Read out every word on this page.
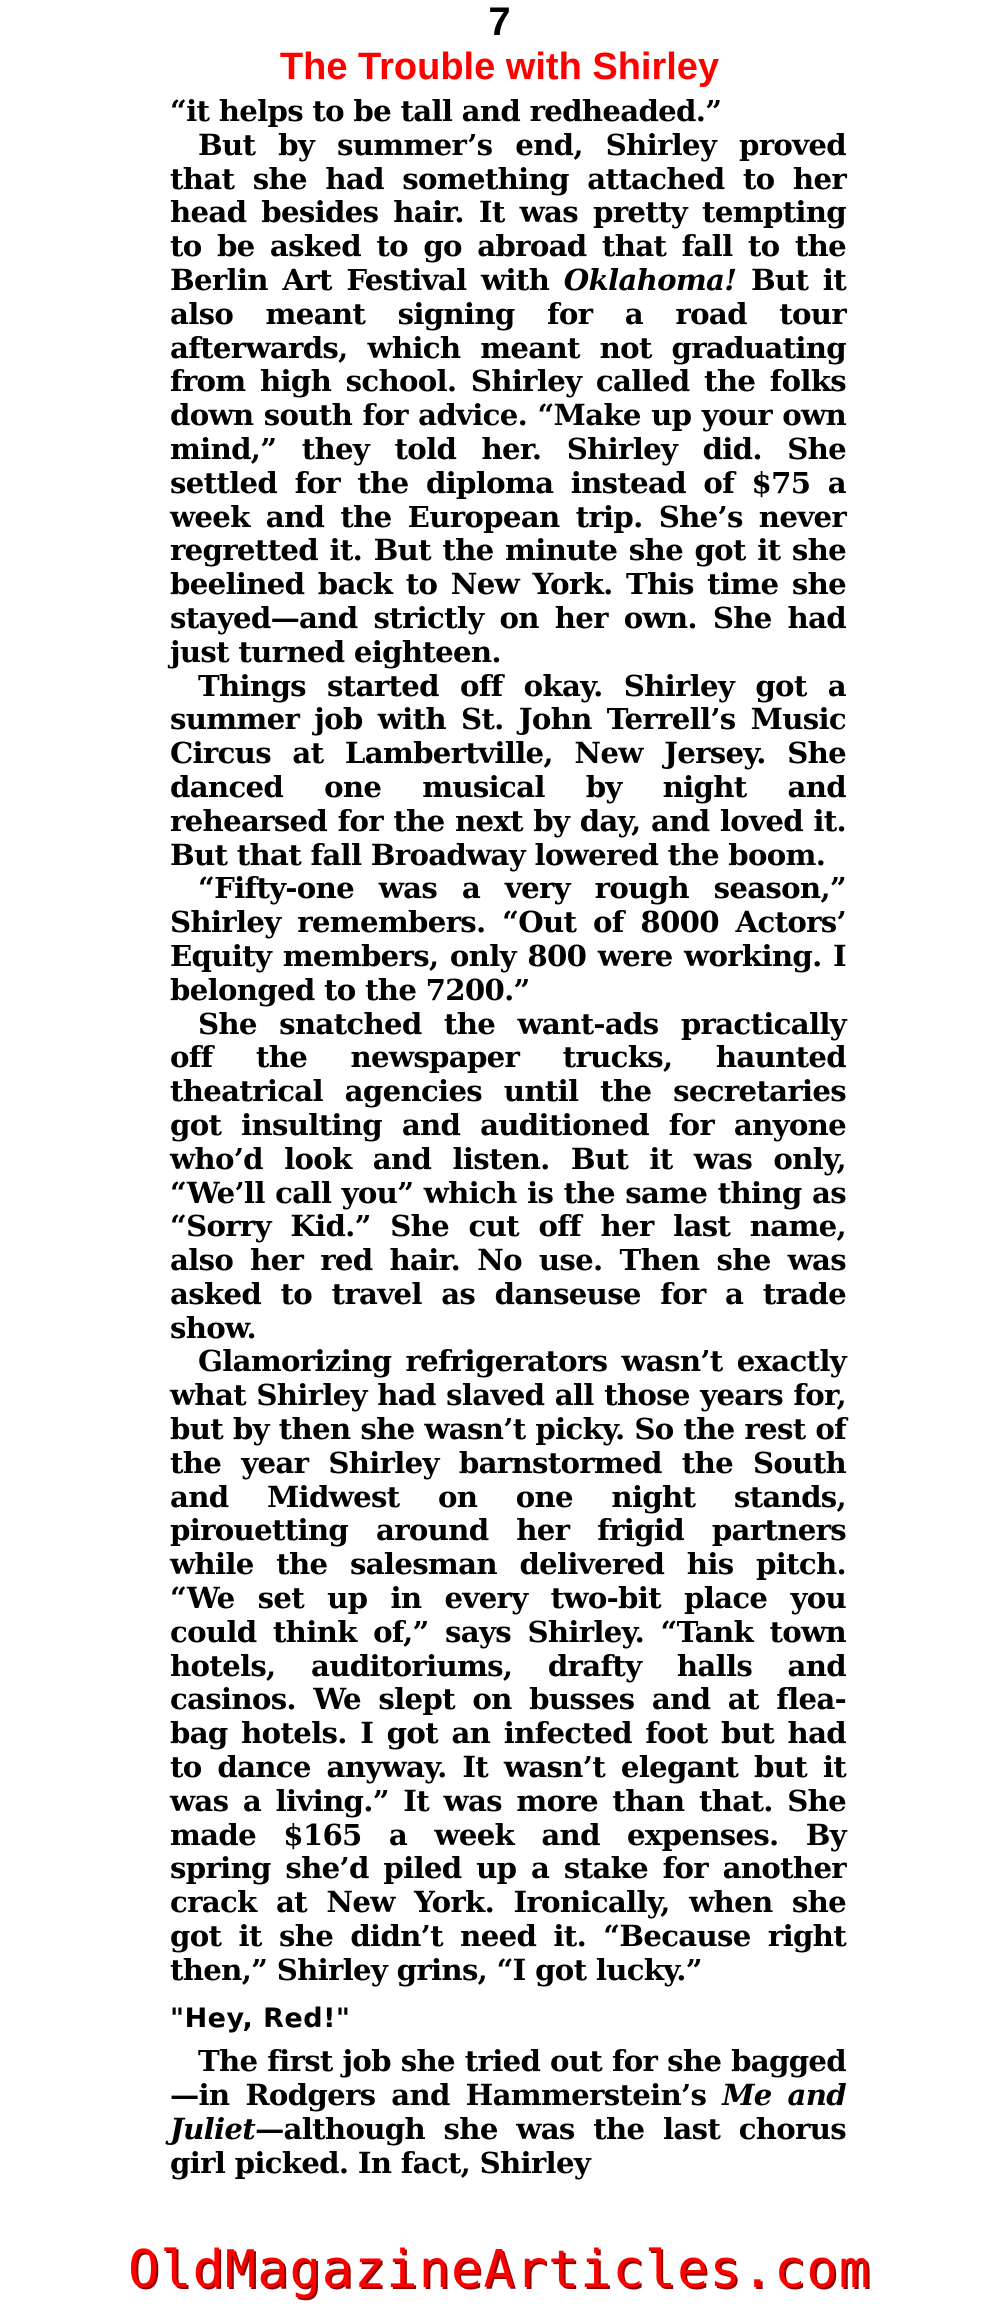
7
The Trouble with Shirley

“it helps to be tall and redheaded.”

But by summer’s end, Shirley proved that she had something attached to her head besides hair. It was pretty tempting to be asked to go abroad that fall to the Berlin Art Festival with Oklahoma! But it also meant signing for a road tour afterwards, which meant not graduating from high school. Shirley called the folks down south for advice. “Make up your own mind,” they told her. Shirley did. She settled for the diploma instead of $75 a week and the European trip. She’s never regretted it. But the minute she got it she beelined back to New York. This time she stayed—and strictly on her own. She had just turned eighteen.

Things started off okay. Shirley got a summer job with St. John Terrell’s Music Circus at Lambertville, New Jersey. She danced one musical by night and rehearsed for the next by day, and loved it. But that fall Broadway lowered the boom.

“Fifty-one was a very rough season,” Shirley remembers. “Out of 8000 Actors’ Equity members, only 800 were working. I belonged to the 7200.”

She snatched the want-ads practically off the newspaper trucks, haunted theatrical agencies until the secretaries got insulting and auditioned for anyone who’d look and listen. But it was only, “We’ll call you” which is the same thing as “Sorry Kid.” She cut off her last name, also her red hair. No use. Then she was asked to travel as danseuse for a trade show.

Glamorizing refrigerators wasn’t exactly what Shirley had slaved all those years for, but by then she wasn’t picky. So the rest of the year Shirley barnstormed the South and Midwest on one night stands, pirouetting around her frigid partners while the salesman delivered his pitch. “We set up in every two-bit place you could think of,” says Shirley. “Tank town hotels, auditoriums, drafty halls and casinos. We slept on busses and at flea-bag hotels. I got an infected foot but had to dance anyway. It wasn’t elegant but it was a living.” It was more than that. She made $165 a week and expenses. By spring she’d piled up a stake for another crack at New York. Ironically, when she got it she didn’t need it. “Because right then,” Shirley grins, “I got lucky.”

"Hey, Red!"

The first job she tried out for she bagged—in Rodgers and Hammerstein’s Me and Juliet—although she was the last chorus girl picked. In fact, Shirley

OldMagazineArticles.com
